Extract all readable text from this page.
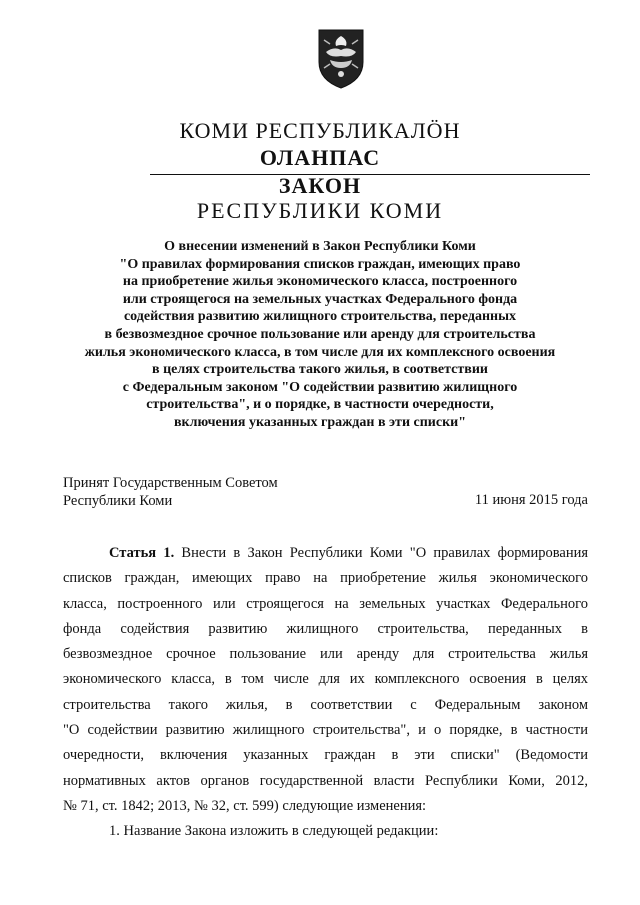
КОМИ РЕСПУБЛИКАЛӦН
ОЛАНПАС
ЗАКОН
РЕСПУБЛИКИ КОМИ
О внесении изменений в Закон Республики Коми
"О правилах формирования списков граждан, имеющих право
на приобретение жилья экономического класса, построенного
или строящегося на земельных участках Федерального фонда
содействия развитию жилищного строительства, переданных
в безвозмездное срочное пользование или аренду для строительства
жилья экономического класса, в том числе для их комплексного освоения
в целях строительства такого жилья, в соответствии
с Федеральным законом "О содействии развитию жилищного
строительства", и о порядке, в частности очередности,
включения указанных граждан в эти списки"
Принят Государственным Советом
Республики Коми	11 июня 2015 года
Статья 1. Внести в Закон Республики Коми "О правилах формирования
списков граждан, имеющих право на приобретение жилья экономического
класса, построенного или строящегося на земельных участках Федерального
фонда содействия развитию жилищного строительства, переданных в
безвозмездное срочное пользование или аренду для строительства жилья
экономического класса, в том числе для их комплексного освоения в целях
строительства такого жилья, в соответствии с Федеральным законом
"О содействии развитию жилищного строительства", и о порядке, в частности
очередности, включения указанных граждан в эти списки" (Ведомости
нормативных актов органов государственной власти Республики Коми, 2012,
№ 71, ст. 1842; 2013, № 32, ст. 599) следующие изменения:
1. Название Закона изложить в следующей редакции:
